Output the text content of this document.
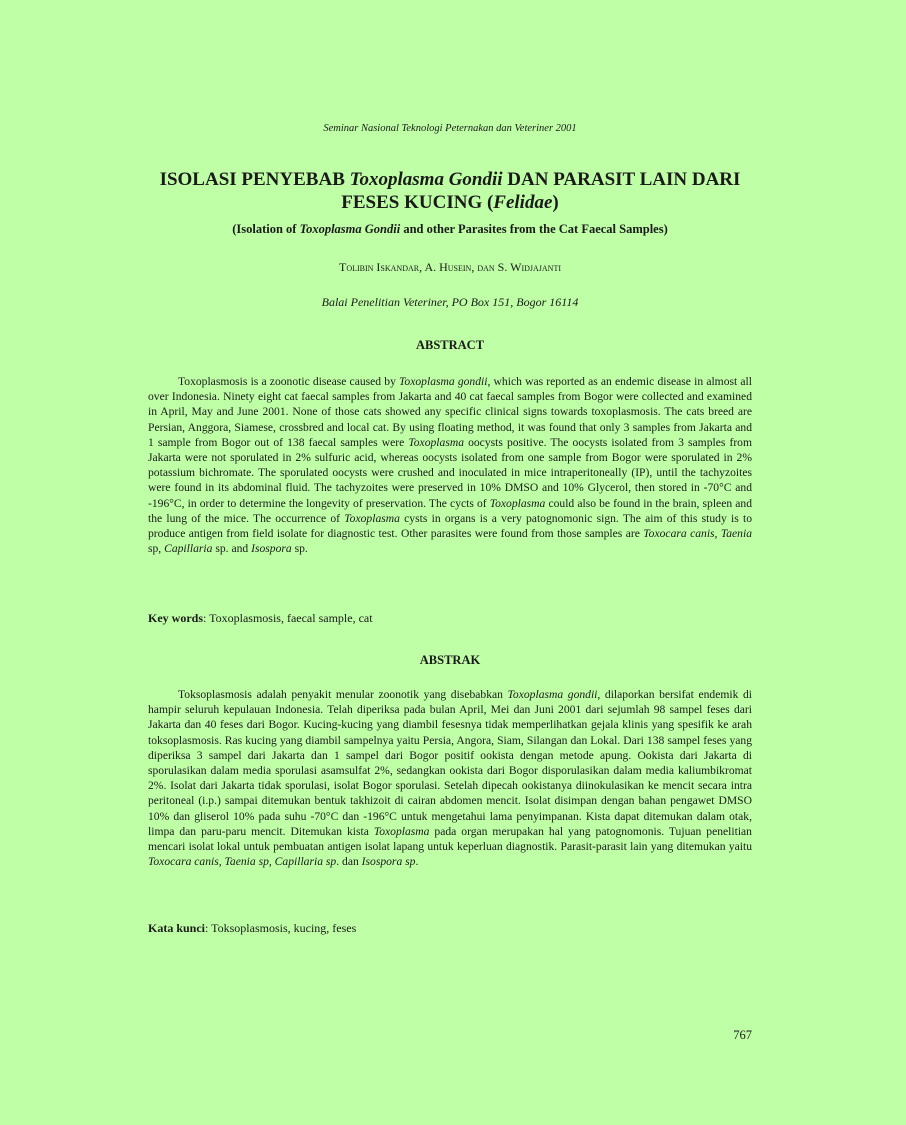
Seminar Nasional Teknologi Peternakan dan Veteriner 2001
ISOLASI PENYEBAB Toxoplasma Gondii DAN PARASIT LAIN DARI FESES KUCING (Felidae)
(Isolation of Toxoplasma Gondii and other Parasites from the Cat Faecal Samples)
Tolibin Iskandar, A. Husein, dan S. Widjajanti
Balai Penelitian Veteriner, PO Box 151, Bogor 16114
ABSTRACT

Toxoplasmosis is a zoonotic disease caused by Toxoplasma gondii, which was reported as an endemic disease in almost all over Indonesia. Ninety eight cat faecal samples from Jakarta and 40 cat faecal samples from Bogor were collected and examined in April, May and June 2001. None of those cats showed any specific clinical signs towards toxoplasmosis. The cats breed are Persian, Anggora, Siamese, crossbred and local cat. By using floating method, it was found that only 3 samples from Jakarta and 1 sample from Bogor out of 138 faecal samples were Toxoplasma oocysts positive. The oocysts isolated from 3 samples from Jakarta were not sporulated in 2% sulfuric acid, whereas oocysts isolated from one sample from Bogor were sporulated in 2% potassium bichromate. The sporulated oocysts were crushed and inoculated in mice intraperitoneally (IP), until the tachyzoites were found in its abdominal fluid. The tachyzoites were preserved in 10% DMSO and 10% Glycerol, then stored in -70°C and -196°C, in order to determine the longevity of preservation. The cycts of Toxoplasma could also be found in the brain, spleen and the lung of the mice. The occurrence of Toxoplasma cysts in organs is a very patognomonic sign. The aim of this study is to produce antigen from field isolate for diagnostic test. Other parasites were found from those samples are Toxocara canis, Taenia sp, Capillaria sp. and Isospora sp.

Key words: Toxoplasmosis, faecal sample, cat
ABSTRAK

Toksoplasmosis adalah penyakit menular zoonotik yang disebabkan Toxoplasma gondii, dilaporkan bersifat endemik di hampir seluruh kepulauan Indonesia. Telah diperiksa pada bulan April, Mei dan Juni 2001 dari sejumlah 98 sampel feses dari Jakarta dan 40 feses dari Bogor. Kucing-kucing yang diambil fesesnya tidak memperlihatkan gejala klinis yang spesifik ke arah toksoplasmosis. Ras kucing yang diambil sampelnya yaitu Persia, Angora, Siam, Silangan dan Lokal. Dari 138 sampel feses yang diperiksa 3 sampel dari Jakarta dan 1 sampel dari Bogor positif ookista dengan metode apung. Ookista dari Jakarta di sporulasikan dalam media sporulasi asamsulfat 2%, sedangkan ookista dari Bogor disporulasikan dalam media kaliumbikromat 2%. Isolat dari Jakarta tidak sporulasi, isolat Bogor sporulasi. Setelah dipecah ookistanya diinokulasikan ke mencit secara intra peritoneal (i.p.) sampai ditemukan bentuk takhizoit di cairan abdomen mencit. Isolat disimpan dengan bahan pengawet DMSO 10% dan gliserol 10% pada suhu -70°C dan -196°C untuk mengetahui lama penyimpanan. Kista dapat ditemukan dalam otak, limpa dan paru-paru mencit. Ditemukan kista Toxoplasma pada organ merupakan hal yang patognomonis. Tujuan penelitian mencari isolat lokal untuk pembuatan antigen isolat lapang untuk keperluan diagnostik. Parasit-parasit lain yang ditemukan yaitu Toxocara canis, Taenia sp, Capillaria sp. dan Isospora sp.

Kata kunci: Toksoplasmosis, kucing, feses
767
